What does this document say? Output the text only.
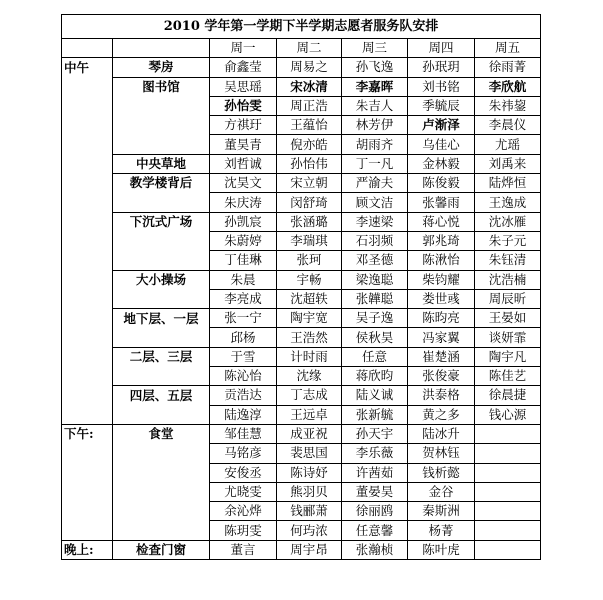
2010 学年第一学期下半学期志愿者服务队安排						
		周一	周二	周三	周四	周五
中午	琴房	俞鑫莹	周易之	孙飞逸	孙珉玥	徐雨菁
	图书馆	吴思瑶	宋冰清	李嘉晖	刘书铭	李欣航
		孙怡雯	周正浩	朱吉人	季毓辰	朱祎鋆
		方祺玗	王蕴怡	林芳伊	卢渐泽	李晨仪
		董昊青	倪亦皓	胡雨齐	乌佳心	尤瑶
	中央草地	刘哲诚	孙怡伟	丁一凡	金林毅	刘禹来
	教学楼背后	沈昊文	宋立朝	严渝夫	陈俊毅	陆烨恒
		朱庆涛	闵舒琦	顾文洁	张馨雨	王逸成
	下沉式广场	孙凯宸	张涵璐	李速梁	蒋心悦	沈冰雁
		朱蔚婷	李瑞琪	石羽频	郭兆琦	朱子元
		丁佳琳	张珂	邓圣德	陈湫怡	朱钰清
	大小操场	朱晨	宇畅	梁逸聪	柴钧耀	沈浩楠
		李亮成	沈超轶	张韡聪	娄世彧	周辰昕
	地下层、一层	张一宁	陶宇宽	吴子逸	陈昀亮	王晏如
		邱杨	王浩然	侯秋昊	冯家翼	谈妍霏
	二层、三层	于雪	计时雨	任意	崔楚涵	陶宇凡
		陈沁怡	沈缘	蒋欣昀	张俊豪	陈佳艺
	四层、五层	贡浩达	丁志成	陆义诚	洪泰格	徐晨捷
		陆逸淳	王远卓	张新毓	黄之多	钱心源
下午:	食堂	邹佳慧	成亚祝	孙天宇	陆冰升	
		马铭彦	裴思国	李乐薇	贺林钰	
		安俊丞	陈诗妤	许茜茹	钱析懿	
		尤晓雯	熊羽贝	董晏昊	金谷	
		余沁烨	钱郦萧	徐丽鸥	秦斯洲	
		陈玥雯	何玙浓	任意馨	杨菁	
晚上:	检查门窗	董言	周宇昂	张瀚桢	陈叶虎	
